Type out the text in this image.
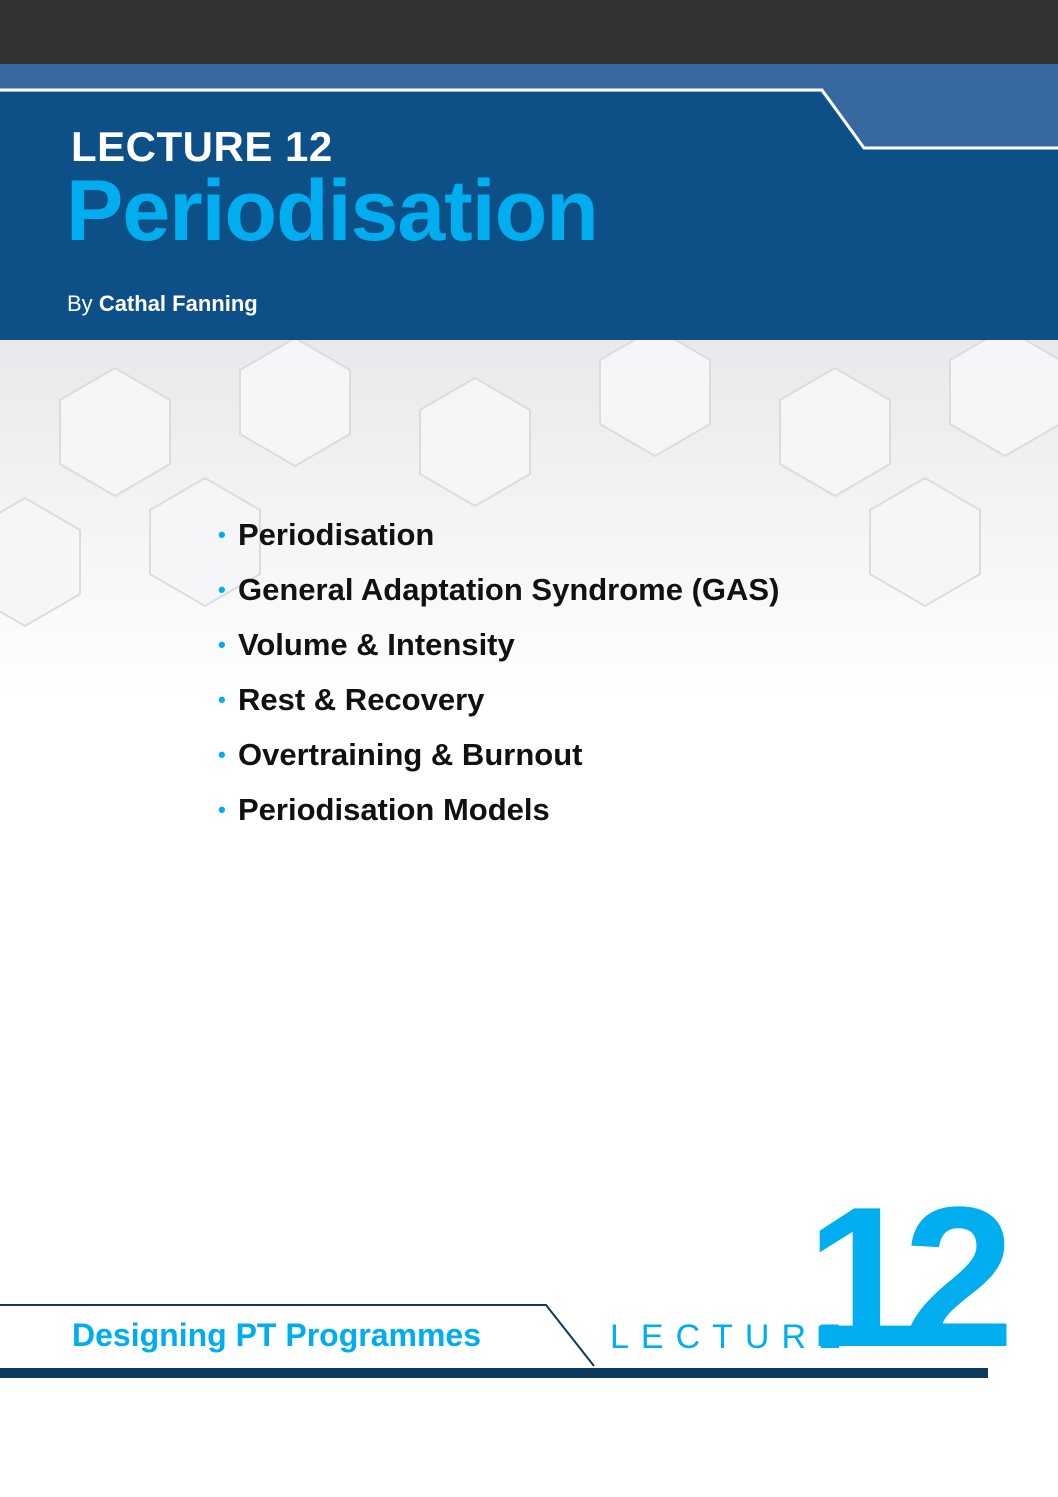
LECTURE 12
Periodisation

By Cathal Fanning

• Periodisation
• General Adaptation Syndrome (GAS)
• Volume & Intensity
• Rest & Recovery
• Overtraining & Burnout
• Periodisation Models

Designing PT Programmes	LECTURE

12
